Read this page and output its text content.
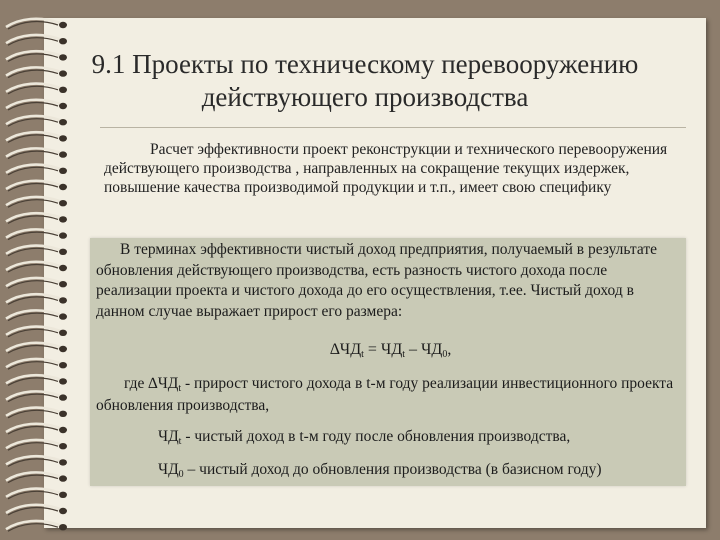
9.1 Проекты по техническому перевооружению действующего производства

Расчет эффективности проект реконструкции и технического перевооружения действующего производства , направленных на сокращение текущих издержек, повышение качества производимой продукции и т.п., имеет свою специфику

В терминах эффективности чистый доход предприятия, получаемый в результате обновления действующего производства, есть разность чистого дохода после реализации проекта и чистого дохода до его осуществления, т.ее. Чистый доход в данном случае выражает прирост его размера:

$\Delta ЧД_t = ЧД_t - ЧД_0$,

где $\Delta ЧД_t$ - прирост чистого дохода в t-м году реализации инвестиционного проекта обновления производства,

$ЧД_t$ - чистый доход в t-м году после обновления производства,
$ЧД_0$ – чистый доход до обновления производства (в базисном году)
